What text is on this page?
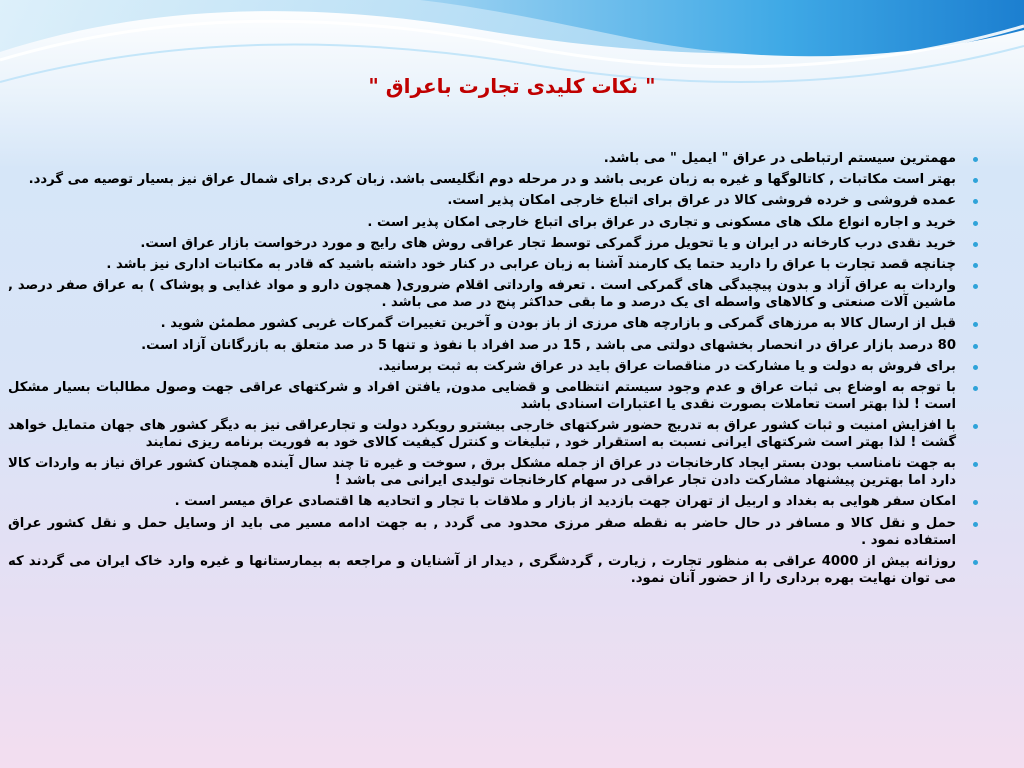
" نکات کلیدی تجارت باعراق "
مهمترین سیستم ارتباطی در عراق " ایمیل " می باشد.
بهتر است مکاتبات , کاتالوگها و غیره به زبان عربی باشد و در مرحله دوم انگلیسی باشد. زبان کردی برای شمال عراق نیز بسیار توصیه می گردد.
عمده فروشی و خرده فروشی کالا در عراق برای اتباع خارجی امکان پذیر است.
خرید و اجاره انواع ملک های مسکونی و تجاری در عراق برای اتباع خارجی امکان پذیر است .
خرید نقدی درب کارخانه در ایران و یا تحویل مرز گمرکی توسط تجار عراقی روش های رایج و مورد درخواست بازار عراق است.
چنانچه قصد تجارت با عراق را دارید حتما یک کارمند آشنا به زبان عرابی در کنار خود داشته باشید که قادر به مکاتبات اداری نیز باشد .
واردات به عراق آزاد و بدون پیچیدگی های گمرکی است . تعرفه وارداتی اقلام ضروری( همچون دارو و مواد غذایی و پوشاک ) به عراق صفر درصد , ماشین آلات صنعتی و کالاهای واسطه ای یک درصد و ما بقی حداکثر پنج در صد می باشد .
قبل از ارسال کالا به مرزهای گمرکی و بازارچه های مرزی از باز بودن و آخرین تغییرات گمرکات غربی کشور مطمئن شوید .
80 درصد بازار عراق در انحصار بخشهای دولتی می باشد , 15 در صد افراد با نفوذ و تنها 5 در صد متعلق به بازرگانان آزاد است.
برای فروش به دولت و یا مشارکت در مناقصات عراق باید در عراق شرکت به ثبت برسانید.
با توجه به اوضاع بی ثبات عراق و عدم وجود سیستم انتظامی و قضایی مدون, یافتن افراد و شرکتهای عراقی جهت وصول مطالبات بسیار مشکل است ! لذا بهتر است تعاملات بصورت نقدی یا اعتبارات اسنادی باشد
با افزایش امنیت و ثبات کشور عراق به تدریج حضور شرکتهای خارجی بیشترو رویکرد دولت و تجارعراقی نیز به دیگر کشور های جهان متمایل خواهد گشت ! لذا بهتر است شرکتهای ایرانی نسبت به استقرار خود , تبلیغات و کنترل کیفیت کالای خود به فوریت برنامه ریزی نمایند
به جهت نامناسب بودن بستر ایجاد کارخانجات در عراق از جمله مشکل برق , سوخت و غیره تا چند سال آینده همچنان کشور عراق نیاز به واردات کالا دارد اما بهترین پیشنهاد مشارکت دادن تجار عراقی در سهام کارخانجات تولیدی ایرانی می باشد !
امکان سفر هوایی به بغداد و اربیل از تهران جهت بازدید از بازار و ملاقات با تجار و اتحادیه ها اقتصادی عراق میسر است .
حمل و نقل کالا و مسافر در حال حاضر به نقطه صفر مرزی محدود می گردد , به جهت ادامه مسیر می باید از وسایل حمل و نقل کشور عراق استفاده نمود .
روزانه بیش از 4000 عراقی به منظور تجارت , زیارت , گردشگری , دیدار از آشنایان و مراجعه به بیمارستانها و غیره وارد خاک ایران می گردند که می توان نهایت بهره برداری را از حضور آنان نمود.
